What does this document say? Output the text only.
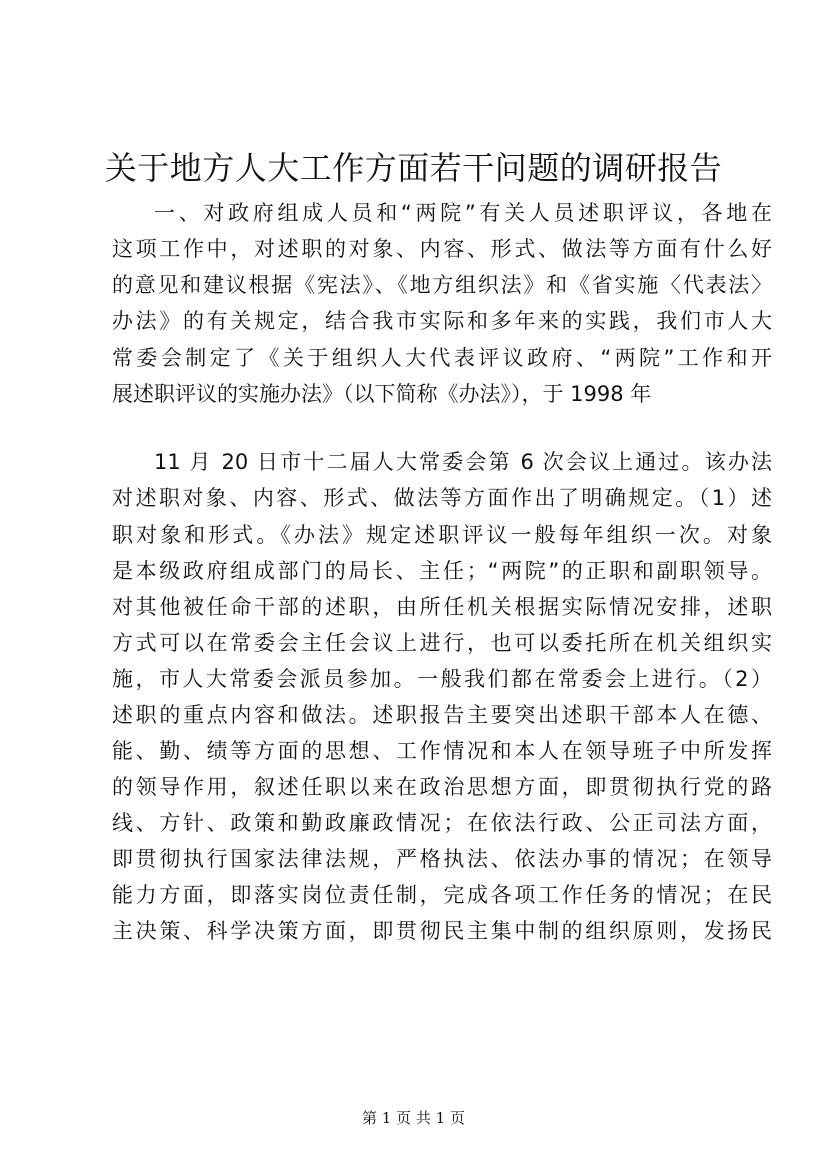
关于地方人大工作方面若干问题的调研报告
一、对政府组成人员和“两院”有关人员述职评议，各地在
这项工作中，对述职的对象、内容、形式、做法等方面有什么好
的意见和建议根据《宪法》、《地方组织法》和《省实施〈代表法〉
办法》的有关规定，结合我市实际和多年来的实践，我们市人大
常委会制定了《关于组织人大代表评议政府、“两院”工作和开
展述职评议的实施办法》（以下简称《办法》），于 1998 年
11 月 20 日市十二届人大常委会第 6 次会议上通过。该办法
对述职对象、内容、形式、做法等方面作出了明确规定。（1）述
职对象和形式。《办法》规定述职评议一般每年组织一次。对象
是本级政府组成部门的局长、主任；“两院”的正职和副职领导。
对其他被任命干部的述职，由所任机关根据实际情况安排，述职
方式可以在常委会主任会议上进行，也可以委托所在机关组织实
施，市人大常委会派员参加。一般我们都在常委会上进行。（2）
述职的重点内容和做法。述职报告主要突出述职干部本人在德、
能、勤、绩等方面的思想、工作情况和本人在领导班子中所发挥
的领导作用，叙述任职以来在政治思想方面，即贯彻执行党的路
线、方针、政策和勤政廉政情况；在依法行政、公正司法方面，
即贯彻执行国家法律法规，严格执法、依法办事的情况；在领导
能力方面，即落实岗位责任制，完成各项工作任务的情况；在民
主决策、科学决策方面，即贯彻民主集中制的组织原则，发扬民
第 1 页 共 1 页
